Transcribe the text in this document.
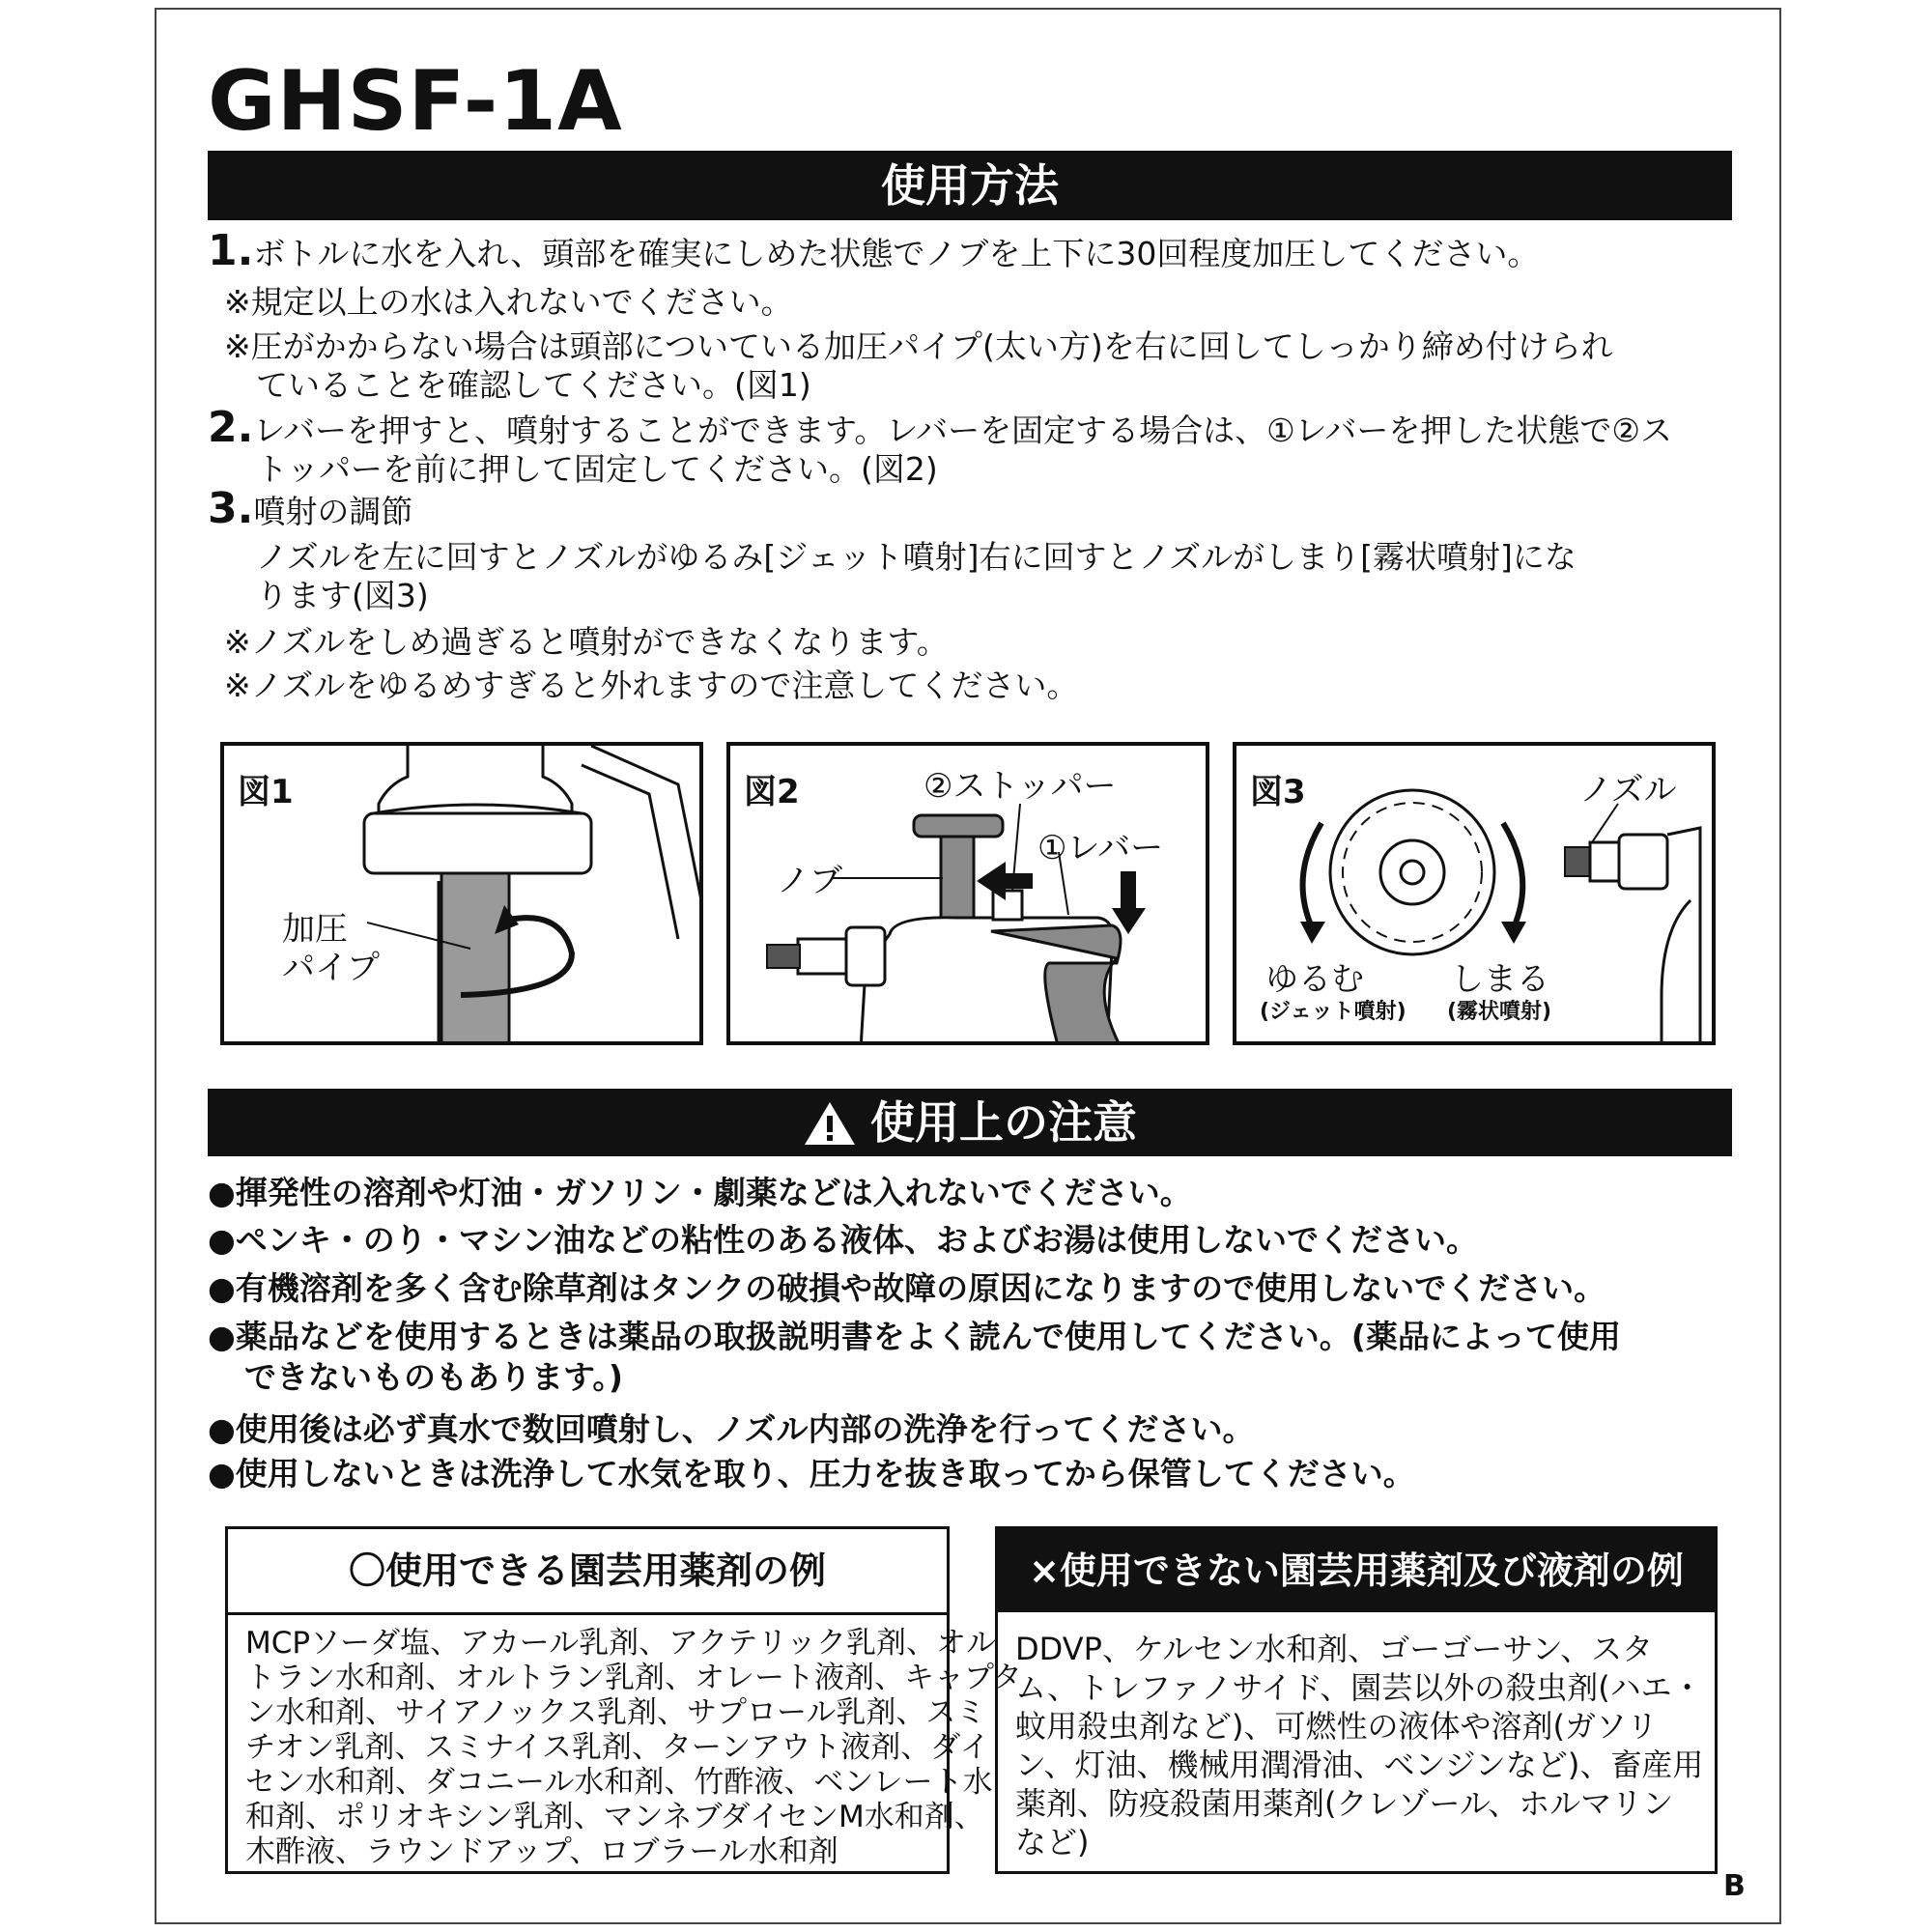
GHSF-1A
使用方法
1.ボトルに水を入れ、頭部を確実にしめた状態でノブを上下に30回程度加圧してください。
※規定以上の水は入れないでください。
※圧がかからない場合は頭部についている加圧パイプ(太い方)を右に回してしっかり締め付けられ
ていることを確認してください。(図1)
2.レバーを押すと、噴射することができます。レバーを固定する場合は、①レバーを押した状態で②ス
トッパーを前に押して固定してください。(図2)
3.噴射の調節
ノズルを左に回すとノズルがゆるみ[ジェット噴射]右に回すとノズルがしまり[霧状噴射]にな
ります(図3)
※ノズルをしめ過ぎると噴射ができなくなります。
※ノズルをゆるめすぎると外れますので注意してください。
図1
加圧
パイプ
図2	②ストッパー
ノブ
①レバー
図3	ノズル
ゆるむ
(ジェット噴射)
しまる
(霧状噴射)
使用上の注意
●揮発性の溶剤や灯油・ガソリン・劇薬などは入れないでください。
●ペンキ・のり・マシン油などの粘性のある液体、およびお湯は使用しないでください。
●有機溶剤を多く含む除草剤はタンクの破損や故障の原因になりますので使用しないでください。
●薬品などを使用するときは薬品の取扱説明書をよく読んで使用してください。(薬品によって使用
できないものもあります。)
●使用後は必ず真水で数回噴射し、ノズル内部の洗浄を行ってください。
●使用しないときは洗浄して水気を取り、圧力を抜き取ってから保管してください。
〇使用できる園芸用薬剤の例
MCPソーダ塩、アカール乳剤、アクテリック乳剤、オル
トラン水和剤、オルトラン乳剤、オレート液剤、キャプタ
ン水和剤、サイアノックス乳剤、サプロール乳剤、スミ
チオン乳剤、スミナイス乳剤、ターンアウト液剤、ダイ
セン水和剤、ダコニール水和剤、竹酢液、ベンレート水
和剤、ポリオキシン乳剤、マンネブダイセンM水和剤、
木酢液、ラウンドアップ、ロブラール水和剤
×使用できない園芸用薬剤及び液剤の例
DDVP、ケルセン水和剤、ゴーゴーサン、スタ
ム、トレファノサイド、園芸以外の殺虫剤(ハエ・
蚊用殺虫剤など)、可燃性の液体や溶剤(ガソリ
ン、灯油、機械用潤滑油、ベンジンなど)、畜産用
薬剤、防疫殺菌用薬剤(クレゾール、ホルマリン
など)
B
